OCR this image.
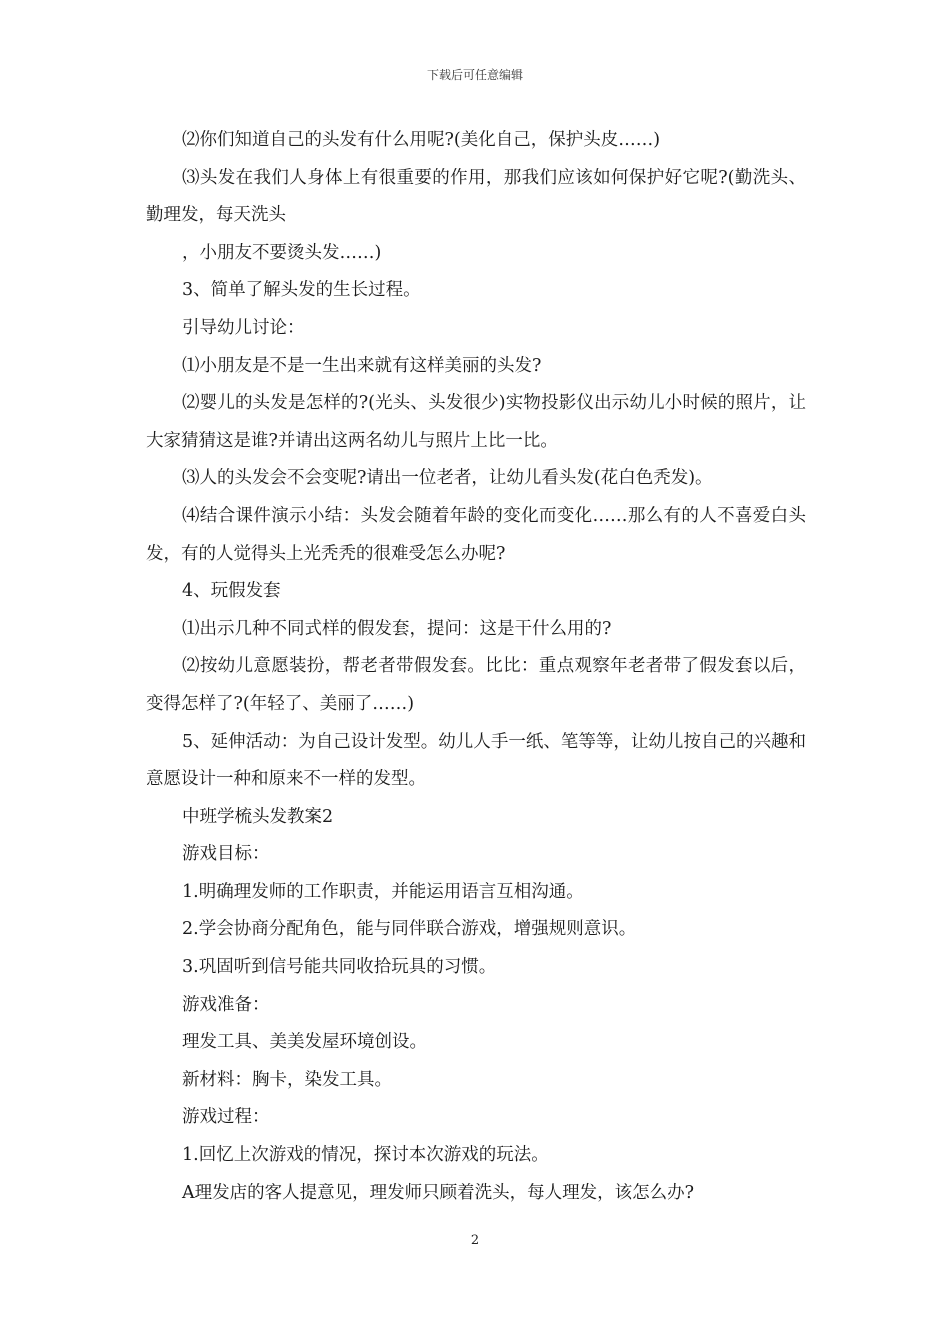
下载后可任意编辑

⑵你们知道自己的头发有什么用呢?(美化自己，保护头皮……)

⑶头发在我们人身体上有很重要的作用，那我们应该如何保护好它呢?(勤洗头、勤理发，每天洗头

，小朋友不要烫头发……)

3、简单了解头发的生长过程。

引导幼儿讨论：

⑴小朋友是不是一生出来就有这样美丽的头发?

⑵婴儿的头发是怎样的?(光头、头发很少)实物投影仪出示幼儿小时候的照片，让大家猜猜这是谁?并请出这两名幼儿与照片上比一比。

⑶人的头发会不会变呢?请出一位老者，让幼儿看头发(花白色秃发)。

⑷结合课件演示小结：头发会随着年龄的变化而变化……那么有的人不喜爱白头发，有的人觉得头上光秃秃的很难受怎么办呢?

4、玩假发套

⑴出示几种不同式样的假发套，提问：这是干什么用的?

⑵按幼儿意愿装扮，帮老者带假发套。比比：重点观察年老者带了假发套以后，变得怎样了?(年轻了、美丽了……)

5、延伸活动：为自己设计发型。幼儿人手一纸、笔等等，让幼儿按自己的兴趣和意愿设计一种和原来不一样的发型。

中班学梳头发教案2

游戏目标：

1.明确理发师的工作职责，并能运用语言互相沟通。

2.学会协商分配角色，能与同伴联合游戏，增强规则意识。

3.巩固听到信号能共同收拾玩具的习惯。

游戏准备：

理发工具、美美发屋环境创设。

新材料：胸卡，染发工具。

游戏过程：

1.回忆上次游戏的情况，探讨本次游戏的玩法。

A理发店的客人提意见，理发师只顾着洗头，每人理发，该怎么办?

2
